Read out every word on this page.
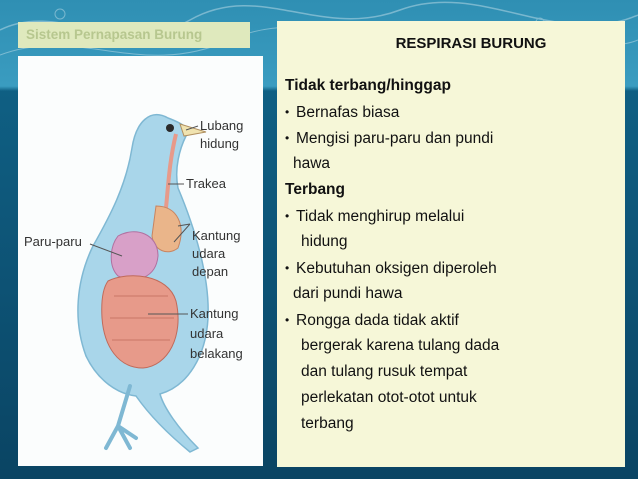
Sistem Pernapasan Burung
Lubang
hidung
Trakea
Kantung
udara
depan
Paru-paru
Kantung
udara
belakang
RESPIRASI BURUNG
Tidak terbang/hinggap
• Bernafas biasa
• Mengisi paru-paru dan pundi
hawa
Terbang
• Tidak menghirup melalui
hidung
• Kebutuhan oksigen diperoleh
dari pundi hawa
• Rongga dada tidak aktif
bergerak karena tulang dada
dan tulang rusuk tempat
perlekatan otot-otot untuk
terbang
